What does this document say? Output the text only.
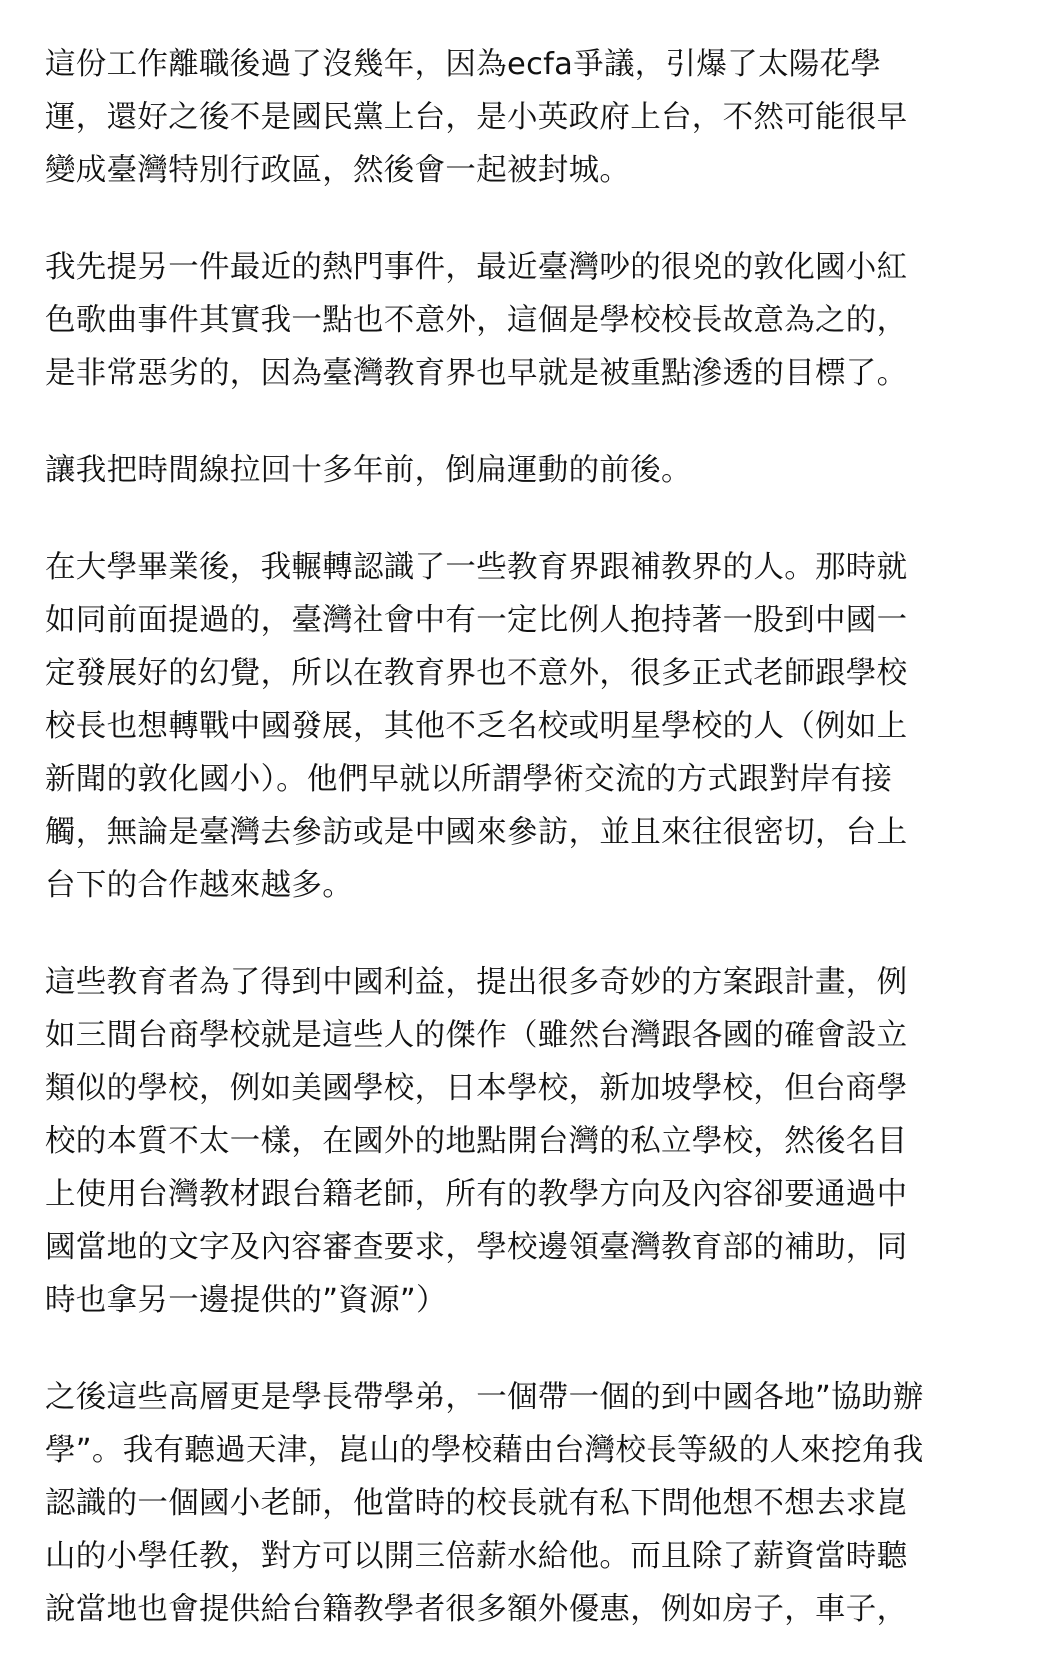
這份工作離職後過了沒幾年，因為ecfa爭議，引爆了太陽花學
運，還好之後不是國民黨上台，是小英政府上台，不然可能很早
變成臺灣特別行政區，然後會一起被封城。
我先提另一件最近的熱門事件，最近臺灣吵的很兇的敦化國小紅
色歌曲事件其實我一點也不意外，這個是學校校長故意為之的，
是非常惡劣的，因為臺灣教育界也早就是被重點滲透的目標了。
讓我把時間線拉回十多年前，倒扁運動的前後。
在大學畢業後，我輾轉認識了一些教育界跟補教界的人。那時就
如同前面提過的，臺灣社會中有一定比例人抱持著一股到中國一
定發展好的幻覺，所以在教育界也不意外，很多正式老師跟學校
校長也想轉戰中國發展，其他不乏名校或明星學校的人（例如上
新聞的敦化國小）。他們早就以所謂學術交流的方式跟對岸有接
觸，無論是臺灣去參訪或是中國來參訪，並且來往很密切，台上
台下的合作越來越多。
這些教育者為了得到中國利益，提出很多奇妙的方案跟計畫，例
如三間台商學校就是這些人的傑作（雖然台灣跟各國的確會設立
類似的學校，例如美國學校，日本學校，新加坡學校，但台商學
校的本質不太一樣，在國外的地點開台灣的私立學校，然後名目
上使用台灣教材跟台籍老師，所有的教學方向及內容卻要通過中
國當地的文字及內容審查要求，學校邊領臺灣教育部的補助，同
時也拿另一邊提供的”資源”）
之後這些高層更是學長帶學弟，一個帶一個的到中國各地”協助辦
學”。我有聽過天津，崑山的學校藉由台灣校長等級的人來挖角我
認識的一個國小老師，他當時的校長就有私下問他想不想去求崑
山的小學任教，對方可以開三倍薪水給他。而且除了薪資當時聽
說當地也會提供給台籍教學者很多額外優惠，例如房子，車子，
